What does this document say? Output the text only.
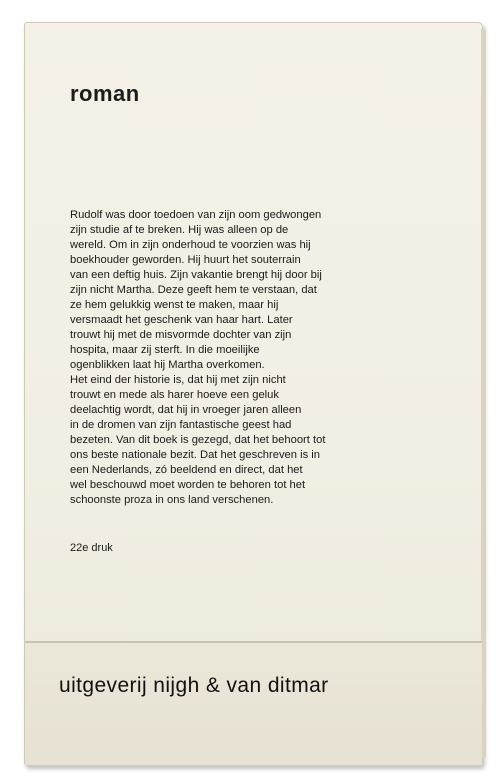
roman

Rudolf was door toedoen van zijn oom gedwongen
zijn studie af te breken. Hij was alleen op de
wereld. Om in zijn onderhoud te voorzien was hij
boekhouder geworden. Hij huurt het souterrain
van een deftig huis. Zijn vakantie brengt hij door bij
zijn nicht Martha. Deze geeft hem te verstaan, dat
ze hem gelukkig wenst te maken, maar hij
versmaadt het geschenk van haar hart. Later
trouwt hij met de misvormde dochter van zijn
hospita, maar zij sterft. In die moeilijke
ogenblikken laat hij Martha overkomen.
Het eind der historie is, dat hij met zijn nicht
trouwt en mede als harer hoeve een geluk
deelachtig wordt, dat hij in vroeger jaren alleen
in de dromen van zijn fantastische geest had
bezeten. Van dit boek is gezegd, dat het behoort tot
ons beste nationale bezit. Dat het geschreven is in
een Nederlands, zó beeldend en direct, dat het
wel beschouwd moet worden te behoren tot het
schoonste proza in ons land verschenen.

22e druk

uitgeverij nijgh & van ditmar
